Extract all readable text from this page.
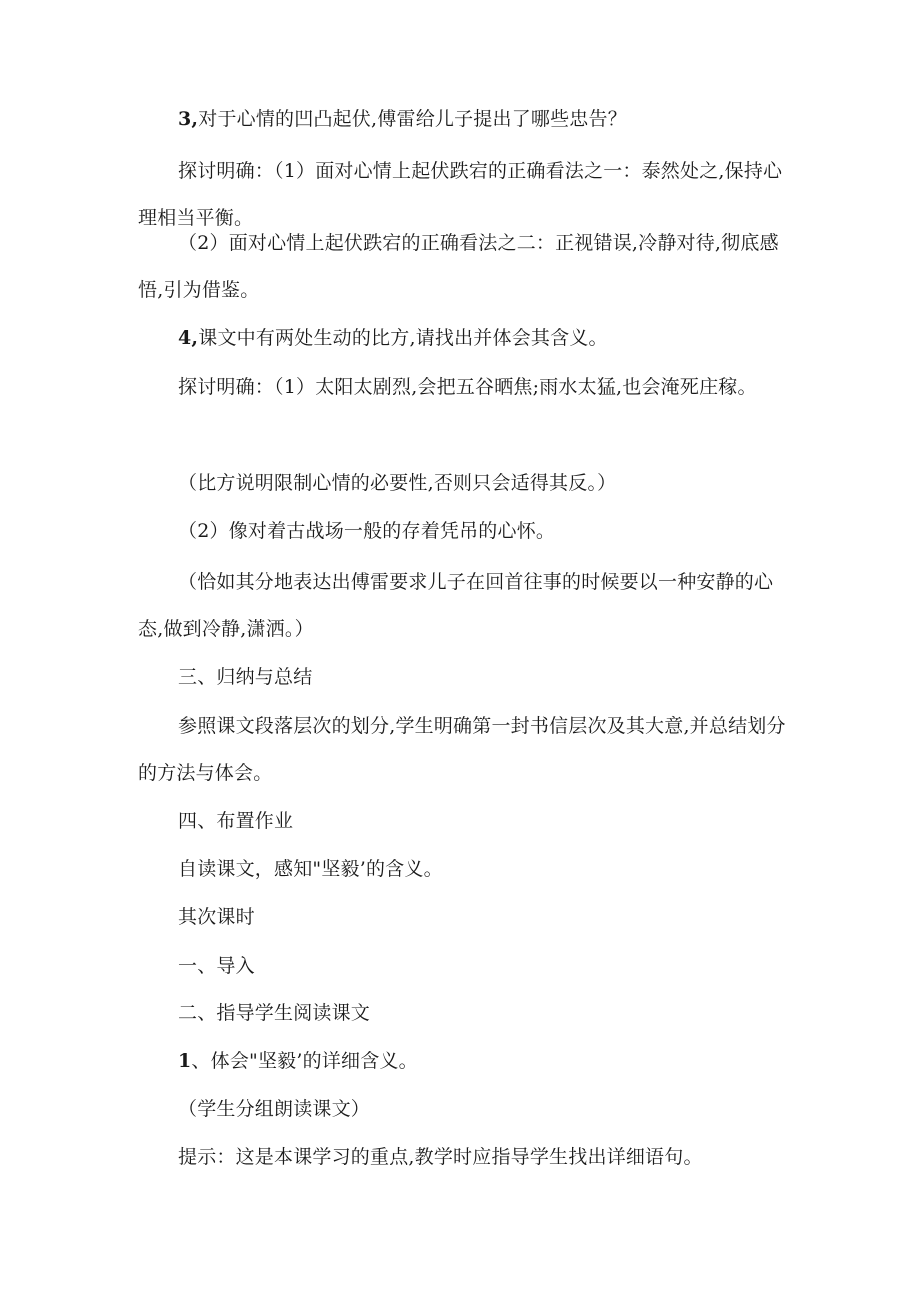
3,对于心情的凹凸起伏,傅雷给儿子提出了哪些忠告？

探讨明确：（1）面对心情上起伏跌宕的正确看法之一：泰然处之,保持心理相当平衡。

（2）面对心情上起伏跌宕的正确看法之二：正视错误,冷静对待,彻底感悟,引为借鉴。

4,课文中有两处生动的比方,请找出并体会其含义。

探讨明确：（1）太阳太剧烈,会把五谷晒焦;雨水太猛,也会淹死庄稼。

（比方说明限制心情的必要性,否则只会适得其反。）

（2）像对着古战场一般的存着凭吊的心怀。

（恰如其分地表达出傅雷要求儿子在回首往事的时候要以一种安静的心态,做到冷静,潇洒。）

三、归纳与总结

参照课文段落层次的划分,学生明确第一封书信层次及其大意,并总结划分的方法与体会。

四、布置作业

自读课文，感知"坚毅’的含义。

其次课时

一、导入

二、指导学生阅读课文

1、体会"坚毅’的详细含义。

（学生分组朗读课文）

提示：这是本课学习的重点,教学时应指导学生找出详细语句。
